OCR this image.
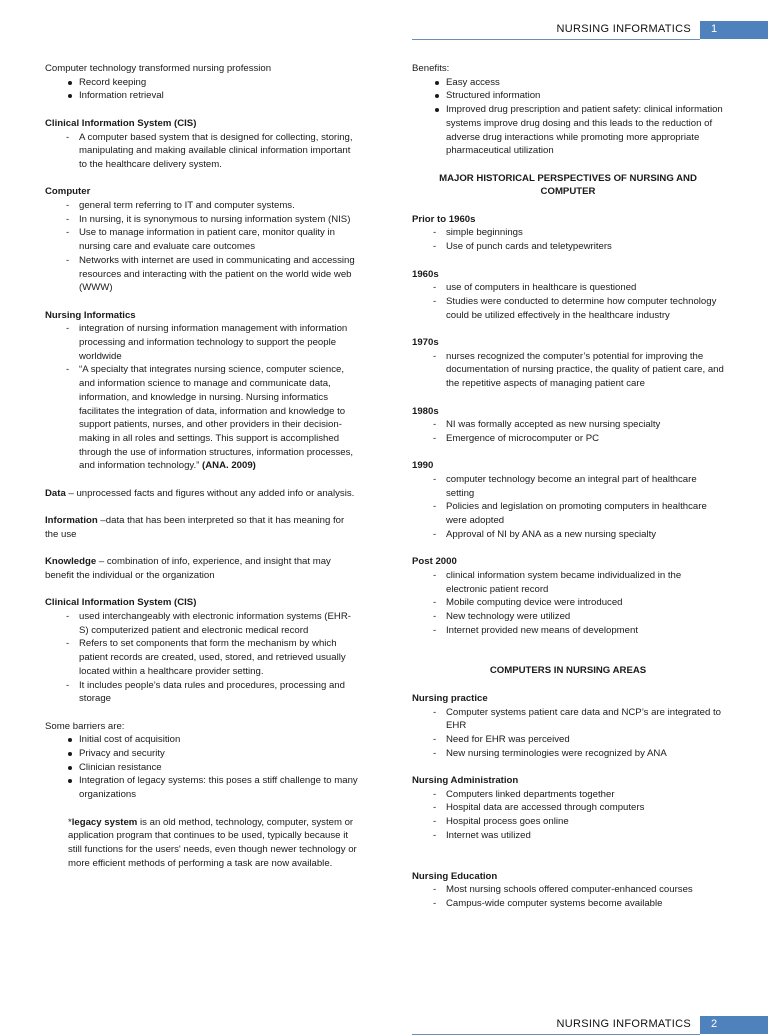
NURSING INFORMATICS 1

Computer technology transformed nursing profession

Record keeping
Information retrieval

Clinical Information System (CIS)

- A computer based system that is designed for collecting, storing, manipulating and making available clinical information important to the healthcare delivery system.

Computer

- general term referring to IT and computer systems.
- In nursing, it is synonymous to nursing information system (NIS)
- Use to manage information in patient care, monitor quality in nursing care and evaluate care outcomes
- Networks with internet are used in communicating and accessing resources and interacting with the patient on the world wide web (WWW)

Nursing Informatics

- integration of nursing information management with information processing and information technology to support the people worldwide
- “A specialty that integrates nursing science, computer science, and information science to manage and communicate data, information, and knowledge in nursing. Nursing informatics facilitates the integration of data, information and knowledge to support patients, nurses, and other providers in their decision-making in all roles and settings. This support is accomplished through the use of information structures, information processes, and information technology.” (ANA. 2009)

Data – unprocessed facts and figures without any added info or analysis.

Information –data that has been interpreted so that it has meaning for the use

Knowledge – combination of info, experience, and insight that may benefit the individual or the organization

Clinical Information System (CIS)

- used interchangeably with electronic information systems (EHR-S) computerized patient and electronic medical record
- Refers to set components that form the mechanism by which patient records are created, used, stored, and retrieved usually located within a healthcare provider setting.
- It includes people’s data rules and procedures, processing and storage

Some barriers are:

Initial cost of acquisition
Privacy and security
Clinician resistance
Integration of legacy systems: this poses a stiff challenge to many organizations

*legacy system is an old method, technology, computer, system or application program that continues to be used, typically because it still functions for the users' needs, even though newer technology or more efficient methods of performing a task are now available.

Benefits:

Easy access
Structured information
Improved drug prescription and patient safety: clinical information systems improve drug dosing and this leads to the reduction of adverse drug interactions while promoting more appropriate pharmaceutical utilization

MAJOR HISTORICAL PERSPECTIVES OF NURSING AND COMPUTER

Prior to 1960s

- simple beginnings
- Use of punch cards and teletypewriters

1960s

- use of computers in healthcare is questioned
- Studies were conducted to determine how computer technology could be utilized effectively in the healthcare industry

1970s

- nurses recognized the computer’s potential for improving the documentation of nursing practice, the quality of patient care, and the repetitive aspects of managing patient care

1980s

- NI was formally accepted as new nursing specialty
- Emergence of microcomputer or PC

1990

- computer technology become an integral part of healthcare setting
- Policies and legislation on promoting computers in healthcare were adopted
- Approval of NI by ANA as a new nursing specialty

Post 2000

- clinical information system became individualized in the electronic patient record
- Mobile computing device were introduced
- New technology were utilized
- Internet provided new means of development

COMPUTERS IN NURSING AREAS

Nursing practice

- Computer systems patient care data and NCP’s are integrated to EHR
- Need for EHR was perceived
- New nursing terminologies were recognized by ANA

Nursing Administration

- Computers linked departments together
- Hospital data are accessed through computers
- Hospital process goes online
- Internet was utilized

Nursing Education

- Most nursing schools offered computer-enhanced courses
- Campus-wide computer systems become available
NURSING INFORMATICS 2
